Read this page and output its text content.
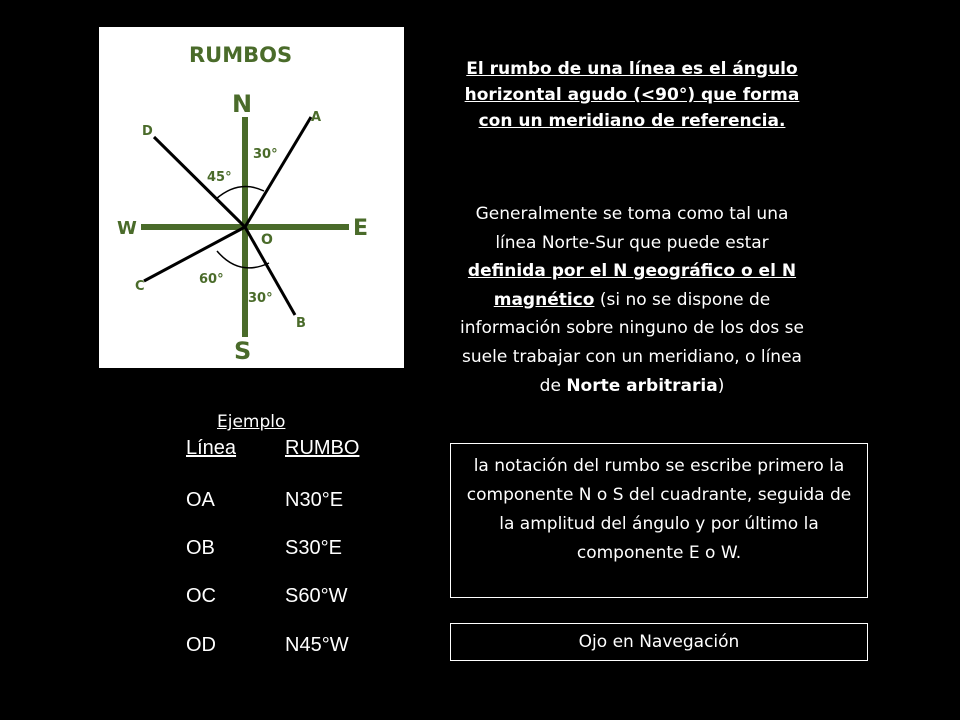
RUMBOS
N
S
E
W
O
A
B
C
D
30°
30°
60°
45°
El rumbo de una línea es el ángulo horizontal agudo (<90°) que forma con un meridiano de referencia.
Generalmente se toma como tal una línea Norte-Sur que puede estar definida por el N geográfico o el N magnético (si no se dispone de información sobre ninguno de los dos se suele trabajar con un meridiano, o línea de Norte arbitraria)
Ejemplo
Línea RUMBO
OA	N30°E
OB	S30°E
OC	S60°W
OD	N45°W
la notación del rumbo se escribe primero la componente N o S del cuadrante, seguida de la amplitud del ángulo y por último la componente E o W.
Ojo en Navegación
